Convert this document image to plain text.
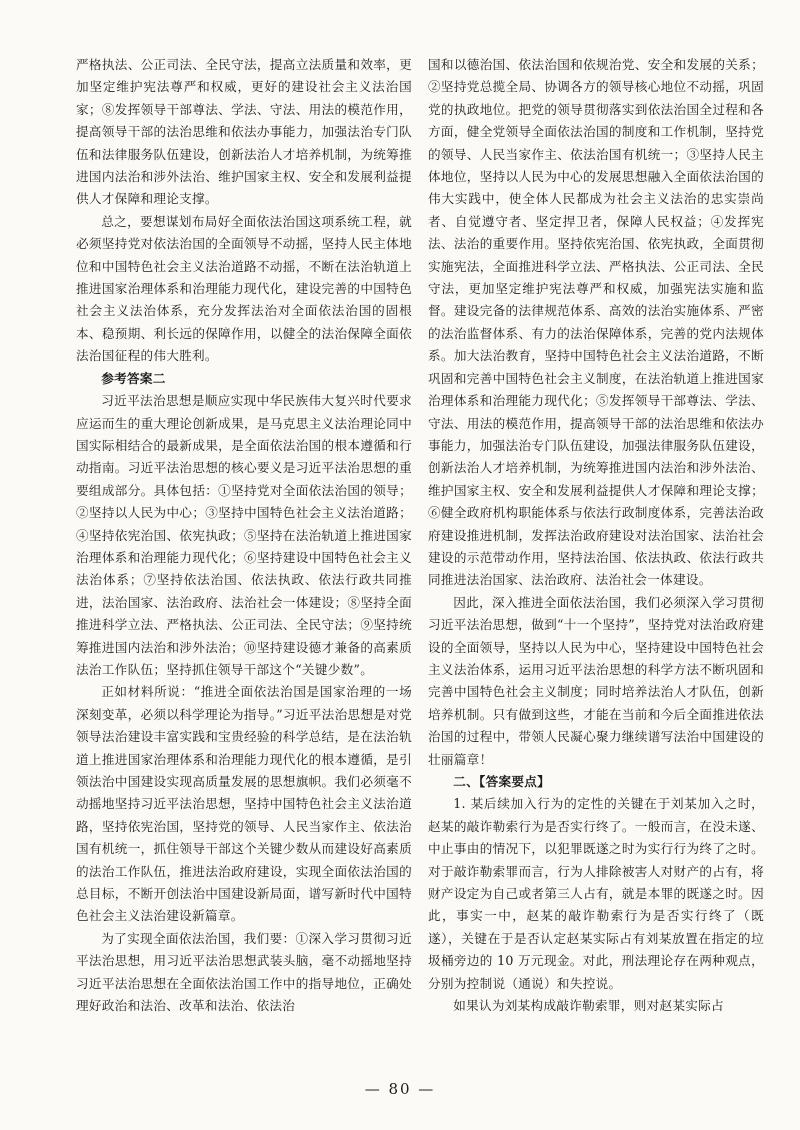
严格执法、公正司法、全民守法，提高立法质量和效率，更加坚定维护宪法尊严和权威，更好的建设社会主义法治国家；⑧发挥领导干部尊法、学法、守法、用法的模范作用，提高领导干部的法治思维和依法办事能力，加强法治专门队伍和法律服务队伍建设，创新法治人才培养机制，为统筹推进国内法治和涉外法治、维护国家主权、安全和发展利益提供人才保障和理论支撑。

总之，要想谋划布局好全面依法治国这项系统工程，就必须坚持党对依法治国的全面领导不动摇，坚持人民主体地位和中国特色社会主义法治道路不动摇，不断在法治轨道上推进国家治理体系和治理能力现代化，建设完善的中国特色社会主义法治体系，充分发挥法治对全面依法治国的固根本、稳预期、利长远的保障作用，以健全的法治保障全面依法治国征程的伟大胜利。

参考答案二

习近平法治思想是顺应实现中华民族伟大复兴时代要求应运而生的重大理论创新成果，是马克思主义法治理论同中国实际相结合的最新成果，是全面依法治国的根本遵循和行动指南。习近平法治思想的核心要义是习近平法治思想的重要组成部分。具体包括：①坚持党对全面依法治国的领导；②坚持以人民为中心；③坚持中国特色社会主义法治道路；④坚持依宪治国、依宪执政；⑤坚持在法治轨道上推进国家治理体系和治理能力现代化；⑥坚持建设中国特色社会主义法治体系；⑦坚持依法治国、依法执政、依法行政共同推进，法治国家、法治政府、法治社会一体建设；⑧坚持全面推进科学立法、严格执法、公正司法、全民守法；⑨坚持统筹推进国内法治和涉外法治；⑩坚持建设德才兼备的高素质法治工作队伍；坚持抓住领导干部这个“关键少数”。

正如材料所说：“推进全面依法治国是国家治理的一场深刻变革，必须以科学理论为指导。”习近平法治思想是对党领导法治建设丰富实践和宝贵经验的科学总结，是在法治轨道上推进国家治理体系和治理能力现代化的根本遵循，是引领法治中国建设实现高质量发展的思想旗帜。我们必须毫不动摇地坚持习近平法治思想，坚持中国特色社会主义法治道路，坚持依宪治国，坚持党的领导、人民当家作主、依法治国有机统一，抓住领导干部这个关键少数从而建设好高素质的法治工作队伍，推进法治政府建设，实现全面依法治国的总目标，不断开创法治中国建设新局面，谱写新时代中国特色社会主义法治建设新篇章。

为了实现全面依法治国，我们要：①深入学习贯彻习近平法治思想，用习近平法治思想武装头脑，毫不动摇地坚持习近平法治思想在全面依法治国工作中的指导地位，正确处理好政治和法治、改革和法治、依法治

国和以德治国、依法治国和依规治党、安全和发展的关系；②坚持党总揽全局、协调各方的领导核心地位不动摇，巩固党的执政地位。把党的领导贯彻落实到依法治国全过程和各方面，健全党领导全面依法治国的制度和工作机制，坚持党的领导、人民当家作主、依法治国有机统一；③坚持人民主体地位，坚持以人民为中心的发展思想融入全面依法治国的伟大实践中，使全体人民都成为社会主义法治的忠实崇尚者、自觉遵守者、坚定捍卫者，保障人民权益；④发挥宪法、法治的重要作用。坚持依宪治国、依宪执政，全面贯彻实施宪法，全面推进科学立法、严格执法、公正司法、全民守法，更加坚定维护宪法尊严和权威，加强宪法实施和监督。建设完备的法律规范体系、高效的法治实施体系、严密的法治监督体系、有力的法治保障体系，完善的党内法规体系。加大法治教育，坚持中国特色社会主义法治道路，不断巩固和完善中国特色社会主义制度，在法治轨道上推进国家治理体系和治理能力现代化；⑤发挥领导干部尊法、学法、守法、用法的模范作用，提高领导干部的法治思维和依法办事能力，加强法治专门队伍建设，加强法律服务队伍建设，创新法治人才培养机制，为统筹推进国内法治和涉外法治、维护国家主权、安全和发展利益提供人才保障和理论支撑；⑥健全政府机构职能体系与依法行政制度体系，完善法治政府建设推进机制，发挥法治政府建设对法治国家、法治社会建设的示范带动作用，坚持法治国、依法执政、依法行政共同推进法治国家、法治政府、法治社会一体建设。

因此，深入推进全面依法治国，我们必须深入学习贯彻习近平法治思想，做到“十一个坚持”，坚持党对法治政府建设的全面领导，坚持以人民为中心，坚持建设中国特色社会主义法治体系，运用习近平法治思想的科学方法不断巩固和完善中国特色社会主义制度；同时培养法治人才队伍，创新培养机制。只有做到这些，才能在当前和今后全面推进依法治国的过程中，带领人民凝心聚力继续谱写法治中国建设的壮丽篇章！

二、【答案要点】

1. 某后续加入行为的定性的关键在于刘某加入之时，赵某的敲诈勒索行为是否实行终了。一般而言，在没未遂、中止事由的情况下，以犯罪既遂之时为实行行为终了之时。对于敲诈勒索罪而言，行为人排除被害人对财产的占有，将财产设定为自己或者第三人占有，就是本罪的既遂之时。因此，事实一中，赵某的敲诈勒索行为是否实行终了（既遂），关键在于是否认定赵某实际占有刘某放置在指定的垃圾桶旁边的 10 万元现金。对此，刑法理论存在两种观点，分别为控制说（通说）和失控说。

如果认为刘某构成敲诈勒索罪，则对赵某实际占

— 80 —
